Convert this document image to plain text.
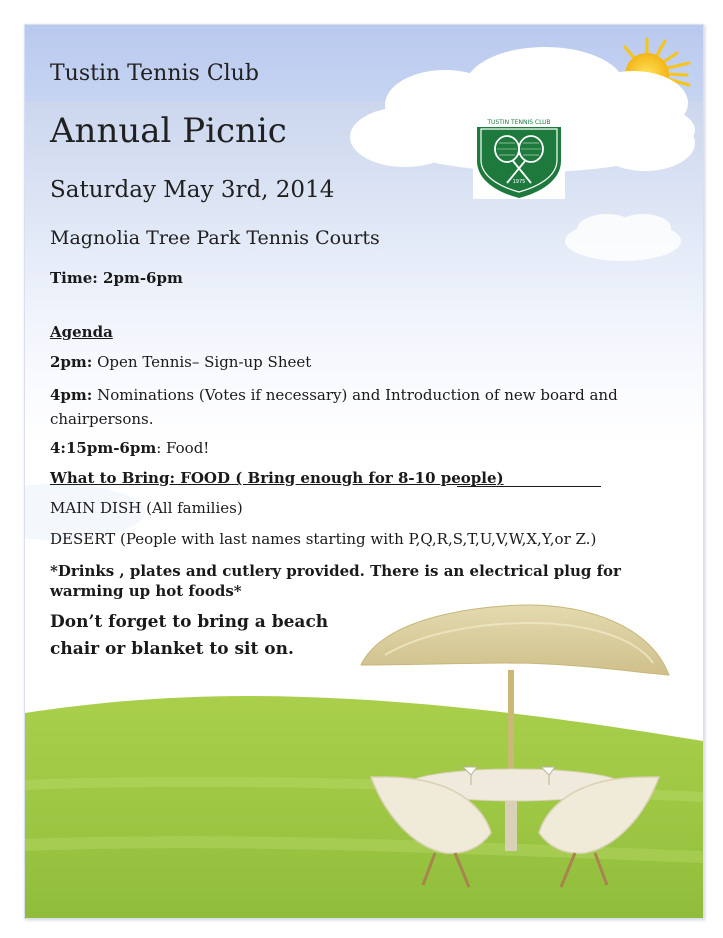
TUSTIN TENNIS CLUB
1975
Tustin Tennis Club
Annual Picnic
Saturday May 3rd, 2014
Magnolia Tree Park Tennis Courts

Time: 2pm-6pm

Agenda

2pm: Open Tennis– Sign-up Sheet

4pm: Nominations (Votes if necessary) and Introduction of new board and chairpersons.

4:15pm-6pm: Food!

What to Bring: FOOD ( Bring enough for 8-10 people)

MAIN DISH (All families)

DESERT (People with last names starting with P,Q,R,S,T,U,V,W,X,Y,or Z.)

*Drinks , plates and cutlery provided. There is an electrical plug for warming up hot foods*

Don’t forget to bring a beach chair or blanket to sit on.
